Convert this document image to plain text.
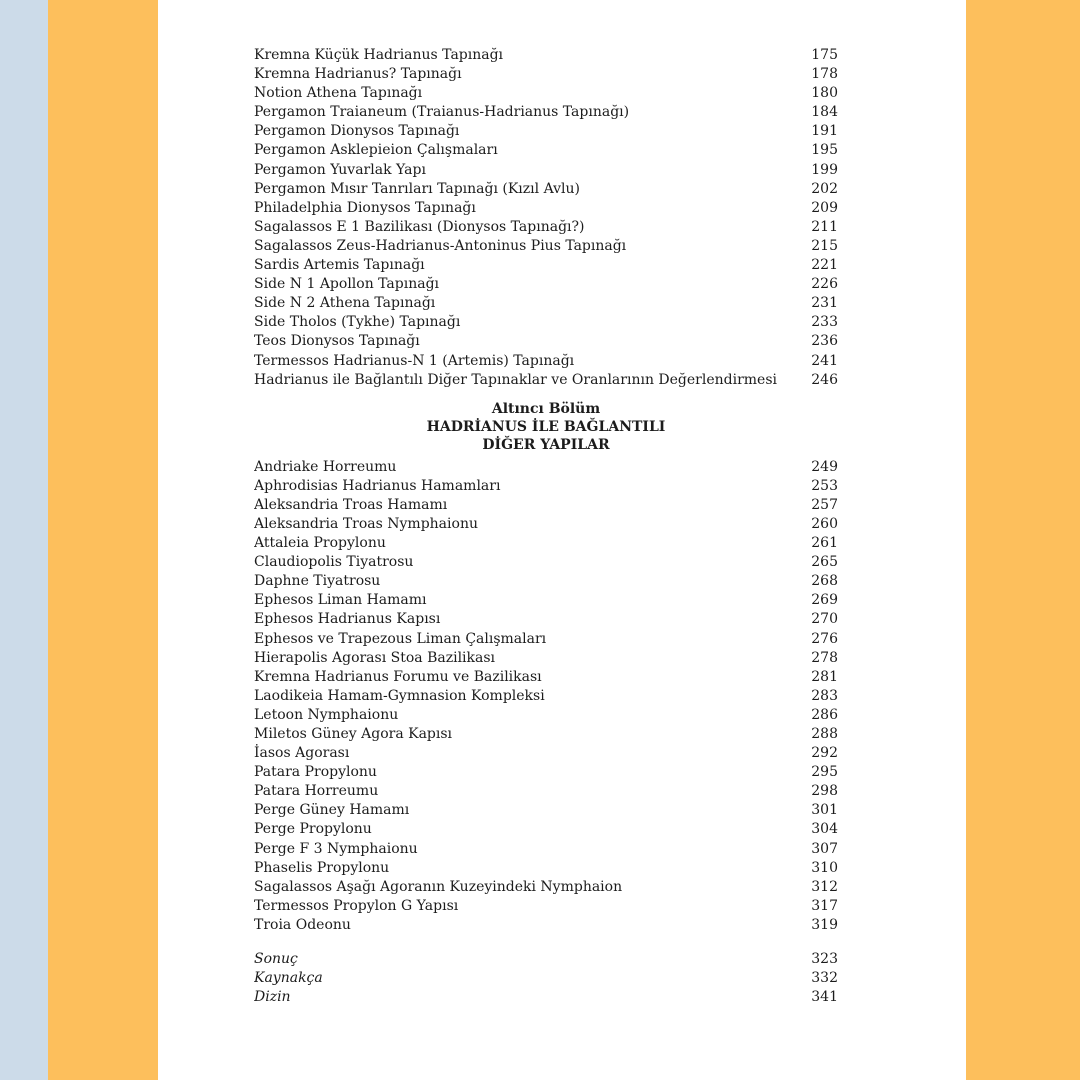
Kremna Küçük Hadrianus Tapınağı	175
Kremna Hadrianus? Tapınağı	178
Notion Athena Tapınağı	180
Pergamon Traianeum (Traianus-Hadrianus Tapınağı)	184
Pergamon Dionysos Tapınağı	191
Pergamon Asklepieion Çalışmaları	195
Pergamon Yuvarlak Yapı	199
Pergamon Mısır Tanrıları Tapınağı (Kızıl Avlu)	202
Philadelphia Dionysos Tapınağı	209
Sagalassos E 1 Bazilikası (Dionysos Tapınağı?)	211
Sagalassos Zeus-Hadrianus-Antoninus Pius Tapınağı	215
Sardis Artemis Tapınağı	221
Side N 1 Apollon Tapınağı	226
Side N 2 Athena Tapınağı	231
Side Tholos (Tykhe) Tapınağı	233
Teos Dionysos Tapınağı	236
Termessos Hadrianus-N 1 (Artemis) Tapınağı	241
Hadrianus ile Bağlantılı Diğer Tapınaklar ve Oranlarının Değerlendirmesi	246
Altıncı Bölüm
HADRİANUS İLE BAĞLANTILI
DİĞER YAPILAR
Andriake Horreumu	249
Aphrodisias Hadrianus Hamamları	253
Aleksandria Troas Hamamı	257
Aleksandria Troas Nymphaionu	260
Attaleia Propylonu	261
Claudiopolis Tiyatrosu	265
Daphne Tiyatrosu	268
Ephesos Liman Hamamı	269
Ephesos Hadrianus Kapısı	270
Ephesos ve Trapezous Liman Çalışmaları	276
Hierapolis Agorası Stoa Bazilikası	278
Kremna Hadrianus Forumu ve Bazilikası	281
Laodikeia Hamam-Gymnasion Kompleksi	283
Letoon Nymphaionu	286
Miletos Güney Agora Kapısı	288
İasos Agorası	292
Patara Propylonu	295
Patara Horreumu	298
Perge Güney Hamamı	301
Perge Propylonu	304
Perge F 3 Nymphaionu	307
Phaselis Propylonu	310
Sagalassos Aşağı Agoranın Kuzeyindeki Nymphaion	312
Termessos Propylon G Yapısı	317
Troia Odeonu	319
Sonuç	323
Kaynakça	332
Dizin	341
